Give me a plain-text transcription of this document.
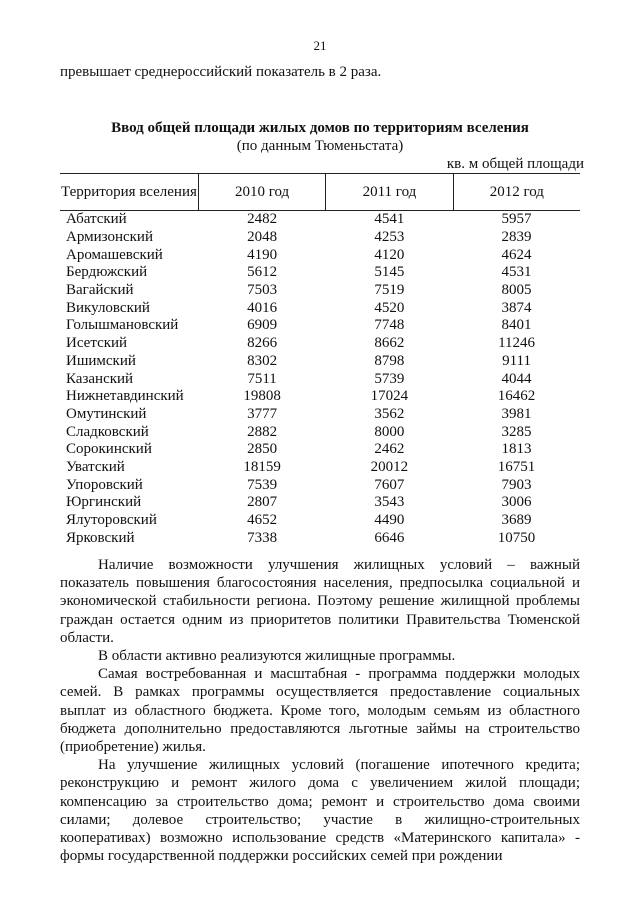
21
превышает среднероссийский показатель в 2 раза.
Ввод общей площади жилых домов по территориям вселения
(по данным Тюменьстата)
кв. м общей площади
Территория вселения	2010 год	2011 год	2012 год
Абатский	2482	4541	5957
Армизонский	2048	4253	2839
Аромашевский	4190	4120	4624
Бердюжский	5612	5145	4531
Вагайский	7503	7519	8005
Викуловский	4016	4520	3874
Голышмановский	6909	7748	8401
Исетский	8266	8662	11246
Ишимский	8302	8798	9111
Казанский	7511	5739	4044
Нижнетавдинский	19808	17024	16462
Омутинский	3777	3562	3981
Сладковский	2882	8000	3285
Сорокинский	2850	2462	1813
Уватский	18159	20012	16751
Упоровский	7539	7607	7903
Юргинский	2807	3543	3006
Ялуторовский	4652	4490	3689
Ярковский	7338	6646	10750

Наличие возможности улучшения жилищных условий – важный показатель повышения благосостояния населения, предпосылка социальной и экономической стабильности региона. Поэтому решение жилищной проблемы граждан остается одним из приоритетов политики Правительства Тюменской области.

В области активно реализуются жилищные программы.

Самая востребованная и масштабная - программа поддержки молодых семей. В рамках программы осуществляется предоставление социальных выплат из областного бюджета. Кроме того, молодым семьям из областного бюджета дополнительно предоставляются льготные займы на строительство (приобретение) жилья.

На улучшение жилищных условий (погашение ипотечного кредита; реконструкцию и ремонт жилого дома с увеличением жилой площади; компенсацию за строительство дома; ремонт и строительство дома своими силами; долевое строительство; участие в жилищно-строительных кооперативах) возможно использование средств «Материнского капитала» - формы государственной поддержки российских семей при рождении
